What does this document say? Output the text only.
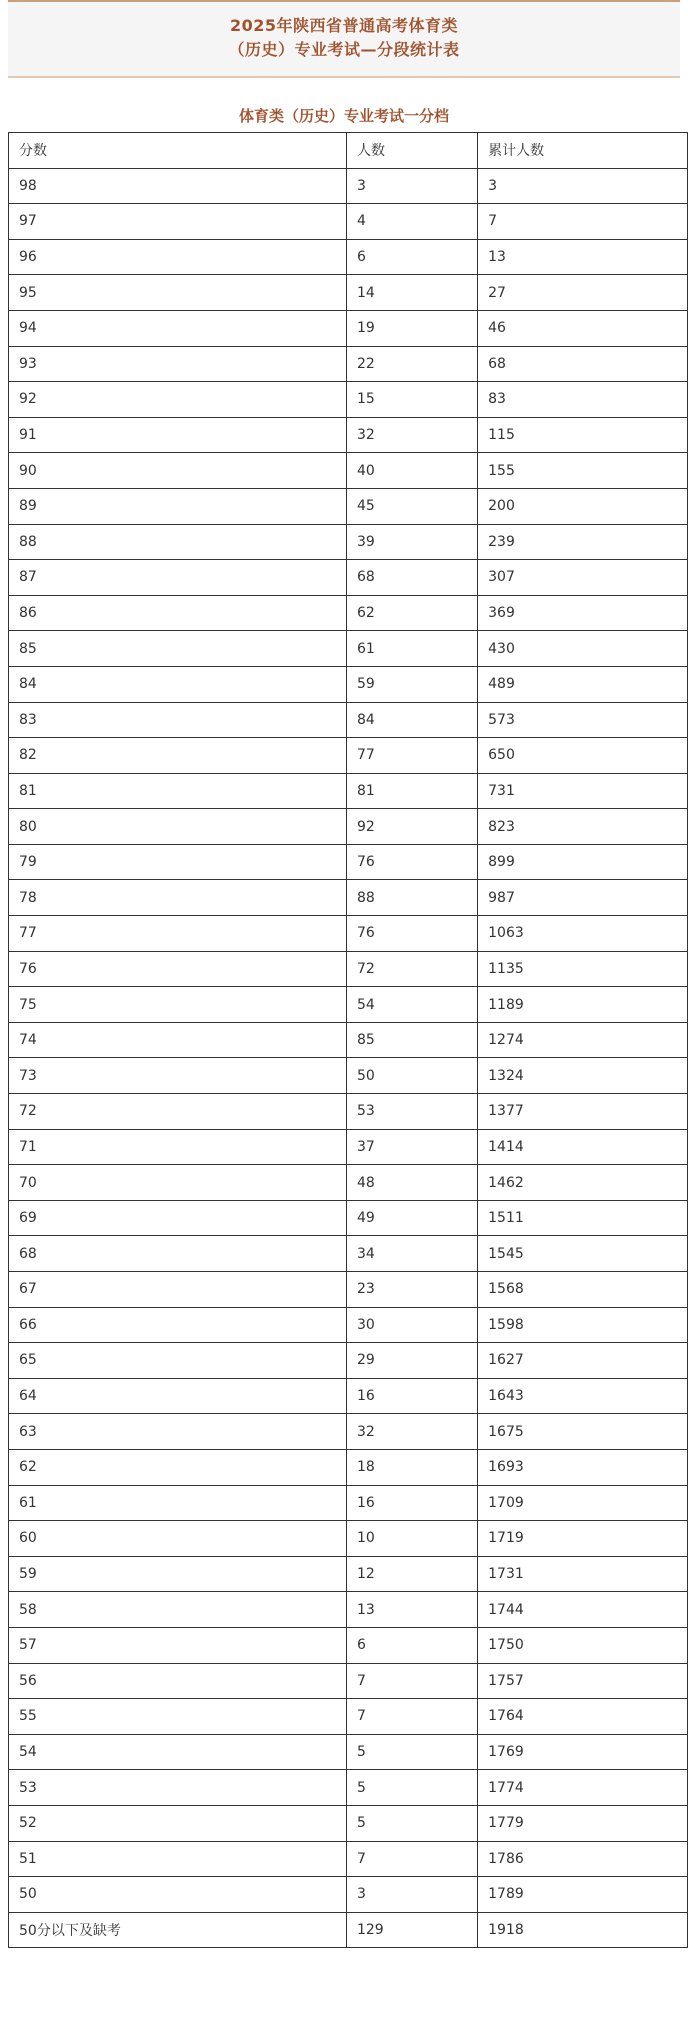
2025年陕西省普通高考体育类
（历史）专业考试—分段统计表
体育类（历史）专业考试一分档
分数	人数	累计人数
98	3	3
97	4	7
96	6	13
95	14	27
94	19	46
93	22	68
92	15	83
91	32	115
90	40	155
89	45	200
88	39	239
87	68	307
86	62	369
85	61	430
84	59	489
83	84	573
82	77	650
81	81	731
80	92	823
79	76	899
78	88	987
77	76	1063
76	72	1135
75	54	1189
74	85	1274
73	50	1324
72	53	1377
71	37	1414
70	48	1462
69	49	1511
68	34	1545
67	23	1568
66	30	1598
65	29	1627
64	16	1643
63	32	1675
62	18	1693
61	16	1709
60	10	1719
59	12	1731
58	13	1744
57	6	1750
56	7	1757
55	7	1764
54	5	1769
53	5	1774
52	5	1779
51	7	1786
50	3	1789
50分以下及缺考	129	1918
